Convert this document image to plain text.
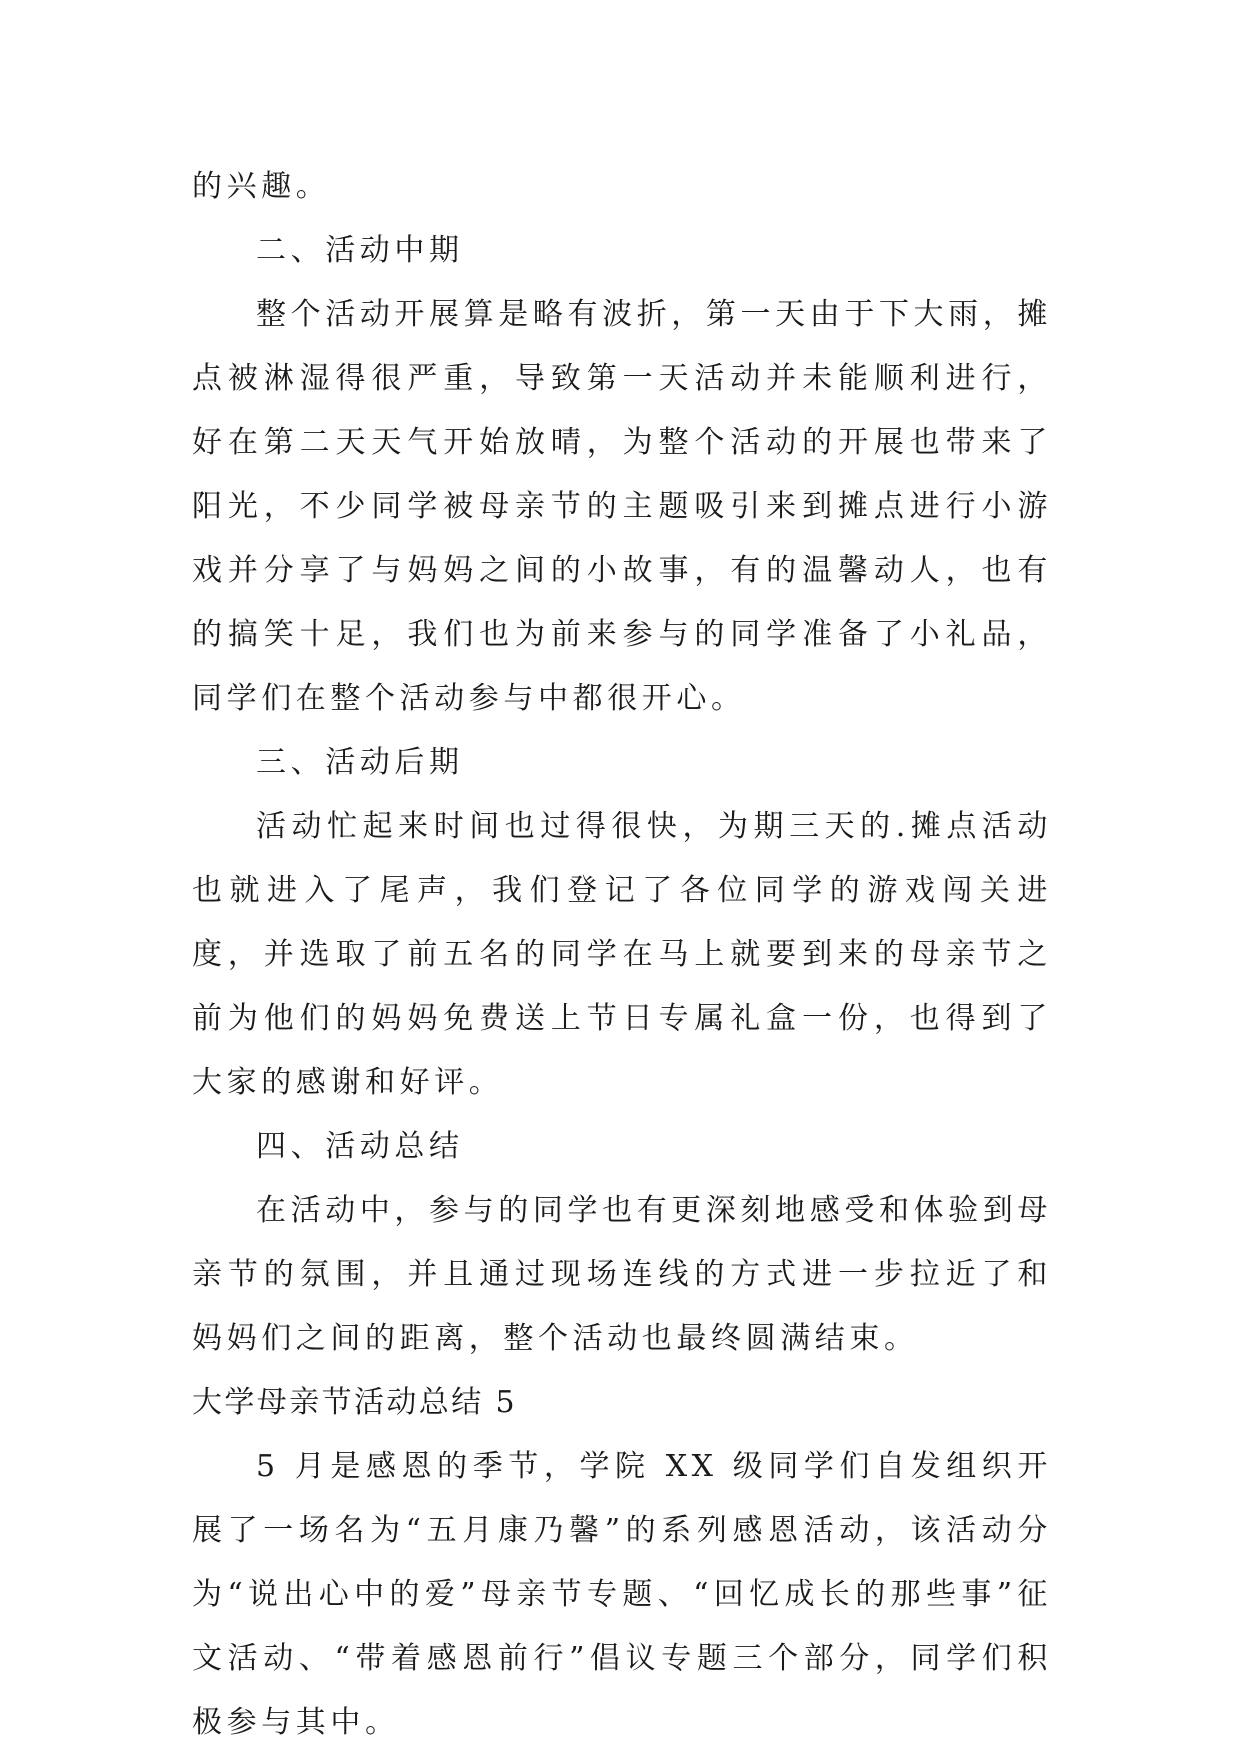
的兴趣。

二、活动中期

整个活动开展算是略有波折，第一天由于下大雨，摊点被淋湿得很严重，导致第一天活动并未能顺利进行，好在第二天天气开始放晴，为整个活动的开展也带来了阳光，不少同学被母亲节的主题吸引来到摊点进行小游戏并分享了与妈妈之间的小故事，有的温馨动人，也有的搞笑十足，我们也为前来参与的同学准备了小礼品，同学们在整个活动参与中都很开心。

三、活动后期

活动忙起来时间也过得很快，为期三天的.摊点活动也就进入了尾声，我们登记了各位同学的游戏闯关进度，并选取了前五名的同学在马上就要到来的母亲节之前为他们的妈妈免费送上节日专属礼盒一份，也得到了大家的感谢和好评。

四、活动总结

在活动中，参与的同学也有更深刻地感受和体验到母亲节的氛围，并且通过现场连线的方式进一步拉近了和妈妈们之间的距离，整个活动也最终圆满结束。

大学母亲节活动总结 5

5 月是感恩的季节，学院 XX 级同学们自发组织开展了一场名为“五月康乃馨”的系列感恩活动，该活动分为“说出心中的爱”母亲节专题、“回忆成长的那些事”征文活动、“带着感恩前行”倡议专题三个部分，同学们积极参与其中。
